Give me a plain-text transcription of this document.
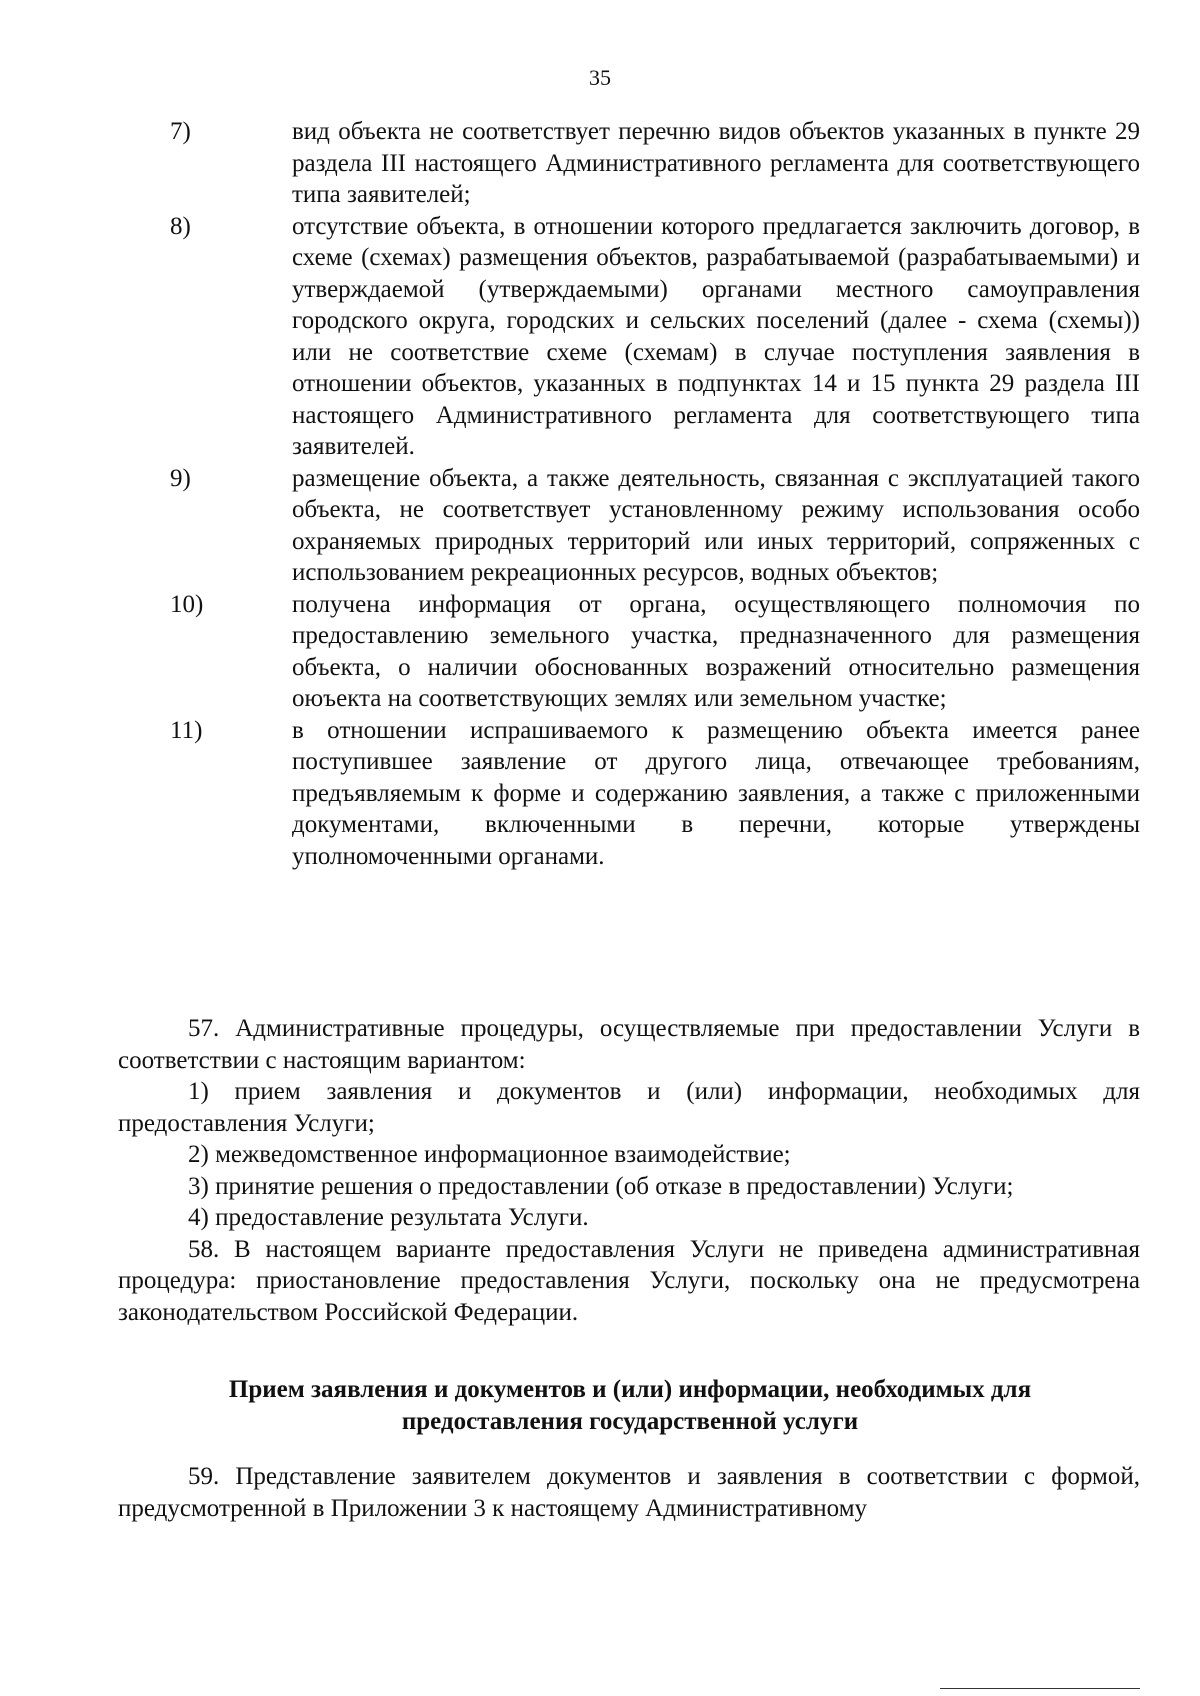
35
7)	вид объекта не соответствует перечню видов объектов указанных в пункте 29 раздела III настоящего Административного регламента для соответствующего типа заявителей;
8)	отсутствие объекта, в отношении которого предлагается заключить договор, в схеме (схемах) размещения объектов, разрабатываемой (разрабатываемыми) и утверждаемой (утверждаемыми) органами местного самоуправления городского округа, городских и сельских поселений (далее - схема (схемы)) или не соответствие схеме (схемам) в случае поступления заявления в отношении объектов, указанных в подпунктах 14 и 15 пункта 29 раздела III настоящего Административного регламента для соответствующего типа заявителей.
9)	размещение объекта, а также деятельность, связанная с эксплуатацией такого объекта, не соответствует установленному режиму использования особо охраняемых природных территорий или иных территорий, сопряженных с использованием рекреационных ресурсов, водных объектов;
10)	получена информация от органа, осуществляющего полномочия по предоставлению земельного участка, предназначенного для размещения объекта, о наличии обоснованных возражений относительно размещения оюъекта на соответствующих землях или земельном участке;
11)	в отношении испрашиваемого к размещению объекта имеется ранее поступившее заявление от другого лица, отвечающее требованиям, предъявляемым к форме и содержанию заявления, а также с приложенными документами, включенными в перечни, которые утверждены уполномоченными органами.

57. Административные процедуры, осуществляемые при предоставлении Услуги в соответствии с настоящим вариантом:

1) прием заявления и документов и (или) информации, необходимых для предоставления Услуги;

2) межведомственное информационное взаимодействие;

3) принятие решения о предоставлении (об отказе в предоставлении) Услуги;

4) предоставление результата Услуги.

58. В настоящем варианте предоставления Услуги не приведена административная процедура: приостановление предоставления Услуги, поскольку она не предусмотрена законодательством Российской Федерации.

Прием заявления и документов и (или) информации, необходимых для
предоставления государственной услуги

59. Представление заявителем документов и заявления в соответствии с формой, предусмотренной в Приложении 3 к настоящему Административному
